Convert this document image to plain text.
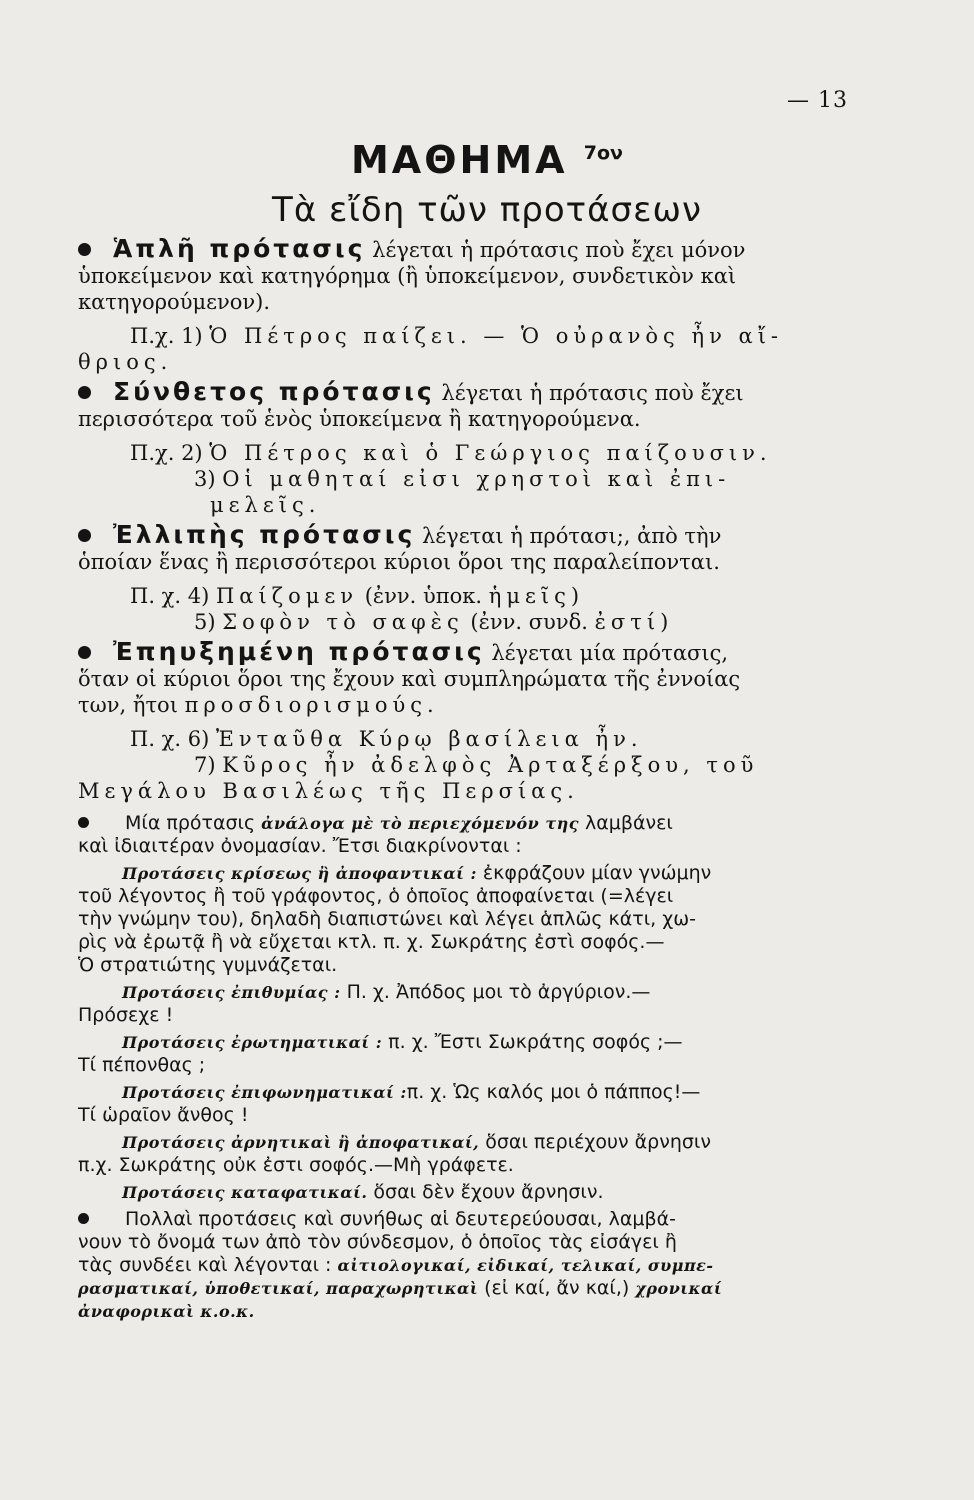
— 13
ΜΑΘΗΜΑ $^{7o\nu}$
Τὰ εἴδη τῶν προτάσεων

Ἁπλῆ πρότασις λέγεται ἡ πρότασις ποὺ ἔχει μόνον

ὑποκείμενον καὶ κατηγόρημα (ἢ ὑποκείμενον, συνδετικὸν καὶ

κατηγορούμενον).

Π.χ. 1) Ὁ Πέτρος παίζει. — Ὁ οὐρανὸς ἦν αἴ-

θριος.

Σύνθετος πρότασις λέγεται ἡ πρότασις ποὺ ἔχει

περισσότερα τοῦ ἑνὸς ὑποκείμενα ἢ κατηγορούμενα.

Π.χ. 2) Ὁ Πέτρος καὶ ὁ Γεώργιος παίζουσιν.

3) Οἱ μαθηταί εἰσι χρηστοὶ καὶ ἐπι-

μελεῖς.

Ἐλλιπὴς πρότασις λέγεται ἡ πρότασι;, ἀπὸ τὴν

ὁποίαν ἕνας ἢ περισσότεροι κύριοι ὅροι της παραλείπονται.

Π. χ. 4) Παίζομεν (ἐνν. ὑποκ. ἡμεῖς)

5) Σοφὸν τὸ σαφὲς (ἐνν. συνδ. ἐστί)

Ἐπηυξημένη πρότασις λέγεται μία πρότασις,

ὅταν οἱ κύριοι ὅροι της ἔχουν καὶ συμπληρώματα τῆς ἐννοίας

των, ἤτοι προσδιορισμούς.

Π. χ. 6) Ἐνταῦθα Κύρῳ βασίλεια ἦν.

7) Κῦρος ἦν ἀδελφὸς Ἀρταξέρξου, τοῦ

Μεγάλου Βασιλέως τῆς Περσίας.

Μία πρότασις ἀνάλογα μὲ τὸ περιεχόμενόν της λαμβάνει

καὶ ἰδιαιτέραν ὀνομασίαν. Ἔτσι διακρίνονται :

Προτάσεις κρίσεως ἢ ἀποφαντικαί : ἐκφράζουν μίαν γνώμην

τοῦ λέγοντος ἢ τοῦ γράφοντος, ὁ ὁποῖος ἀποφαίνεται (=λέγει

τὴν γνώμην του), δηλαδὴ διαπιστώνει καὶ λέγει ἁπλῶς κάτι, χω-

ρὶς νὰ ἐρωτᾷ ἢ νὰ εὔχεται κτλ. π. χ. Σωκράτης ἐστὶ σοφός.—

Ὁ στρατιώτης γυμνάζεται.

Προτάσεις ἐπιθυμίας : Π. χ. Ἀπόδος μοι τὸ ἀργύριον.—

Πρόσεχε !

Προτάσεις ἐρωτηματικαί : π. χ. Ἔστι Σωκράτης σοφός ;—

Τί πέπονθας ;

Προτάσεις ἐπιφωνηματικαί :π. χ. Ὡς καλός μοι ὁ πάππος!—

Τί ὡραῖον ἄνθος !

Προτάσεις ἀρνητικαὶ ἢ ἀποφατικαί, ὅσαι περιέχουν ἄρνησιν

π.χ. Σωκράτης οὐκ ἐστι σοφός.—Μὴ γράφετε.

Προτάσεις καταφατικαί. ὅσαι δὲν ἔχουν ἄρνησιν.

Πολλαὶ προτάσεις καὶ συνήθως αἱ δευτερεύουσαι, λαμβά-

νουν τὸ ὄνομά των ἀπὸ τὸν σύνδεσμον, ὁ ὁποῖος τὰς εἰσάγει ἢ

τὰς συνδέει καὶ λέγονται : αἰτιολογικαί, εἰδικαί, τελικαί, συμπε-

ρασματικαί, ὑποθετικαί, παραχωρητικαὶ (εἰ καί, ἄν καί,) χρονικαί

ἀναφορικαὶ κ.ο.κ.
